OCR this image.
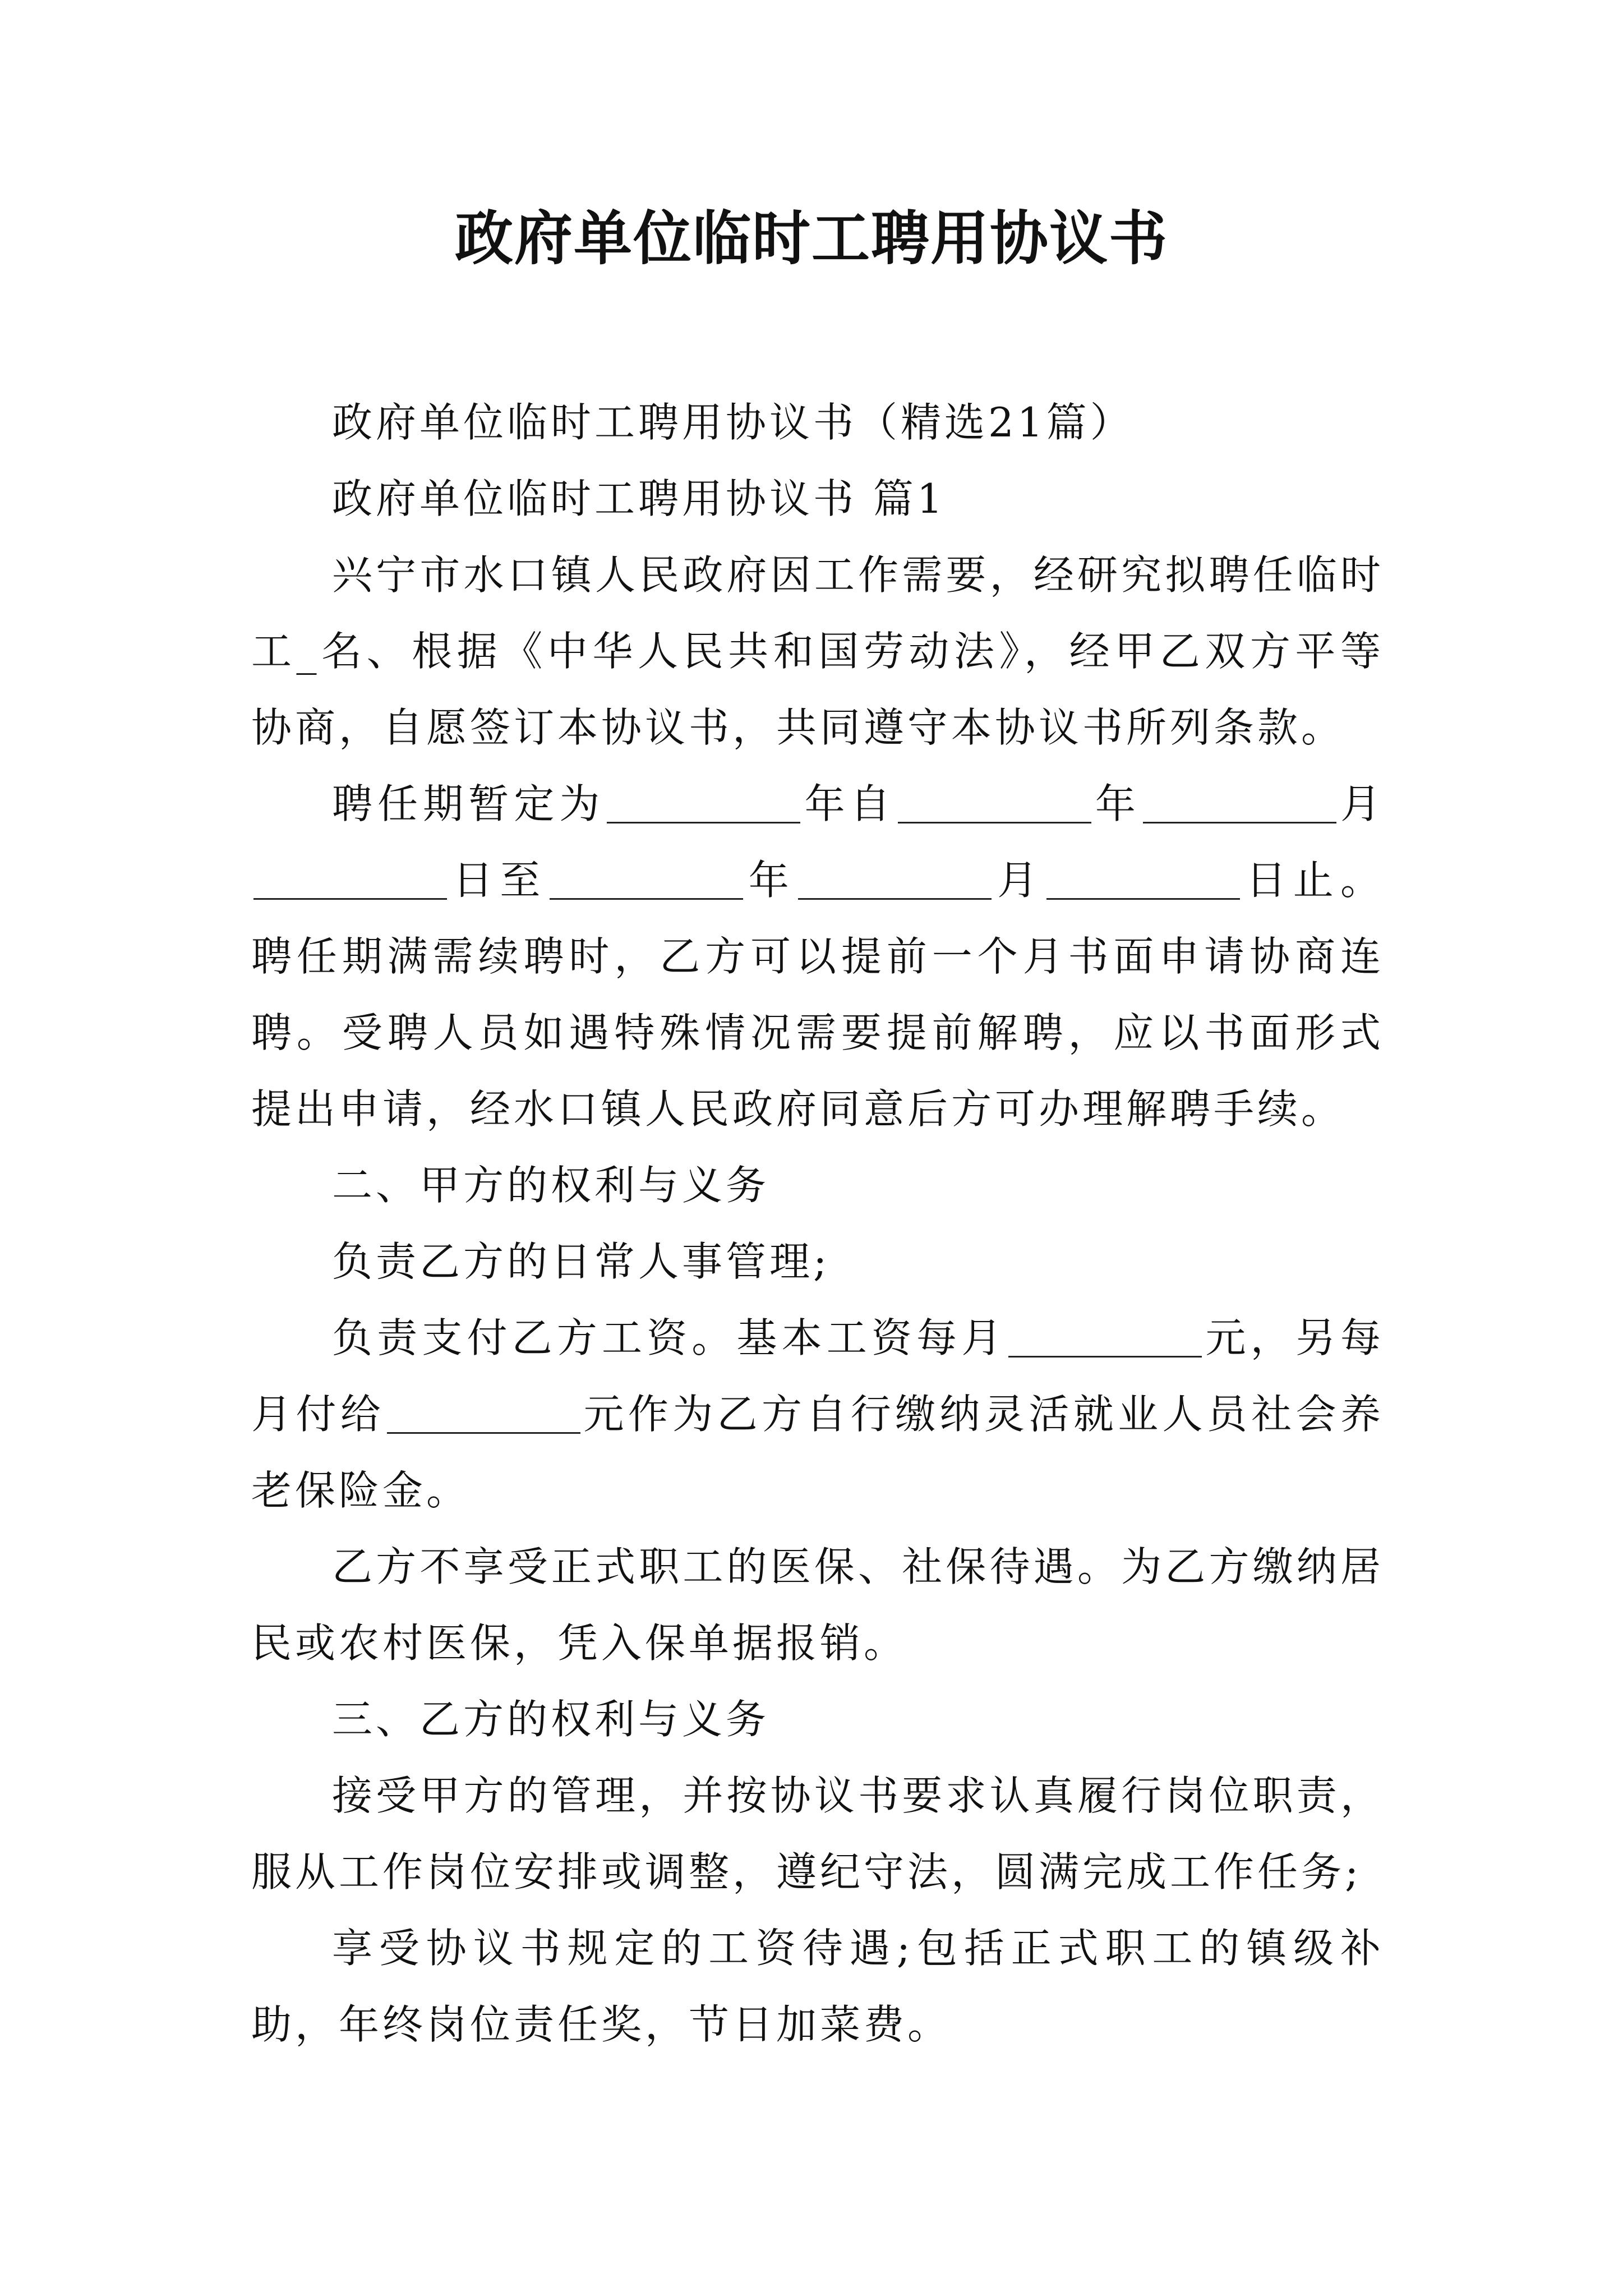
政府单位临时工聘用协议书

政府单位临时工聘用协议书（精选21篇）

政府单位临时工聘用协议书 篇1

兴宁市水口镇人民政府因工作需要，经研究拟聘任临时工_名、根据《中华人民共和国劳动法》，经甲乙双方平等协商，自愿签订本协议书，共同遵守本协议书所列条款。

聘任期暂定为	年自	年	月日至	年	月	日止。聘任期满需续聘时，乙方可以提前一个月书面申请协商连聘。受聘人员如遇特殊情况需要提前解聘，应以书面形式提出申请，经水口镇人民政府同意后方可办理解聘手续。

二、甲方的权利与义务

负责乙方的日常人事管理;

负责支付乙方工资。基本工资每月	元，另每月付给	元作为乙方自行缴纳灵活就业人员社会养老保险金。

乙方不享受正式职工的医保、社保待遇。为乙方缴纳居民或农村医保，凭入保单据报销。

三、乙方的权利与义务

接受甲方的管理，并按协议书要求认真履行岗位职责，服从工作岗位安排或调整，遵纪守法，圆满完成工作任务;

享受协议书规定的工资待遇;包括正式职工的镇级补助，年终岗位责任奖，节日加菜费。
